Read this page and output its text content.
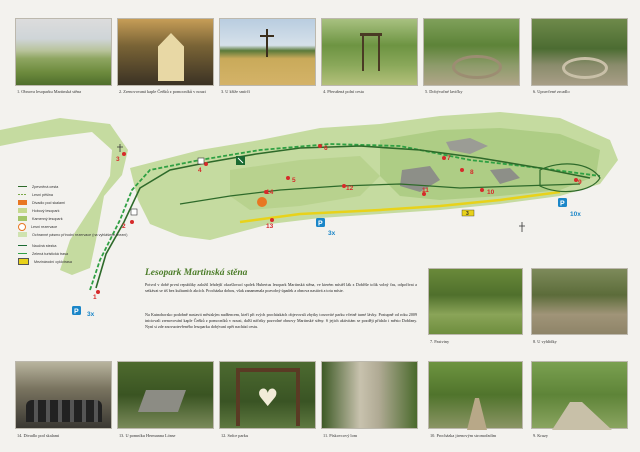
1. Obnova lesoparku Martinská stěna	2. Zrenovovaná kaple Čeňků z pomocníků v nouzi	3. U kříže smírčí	4. Přerušená polní cesta	5. Dobývačné lavičky	6. Upravčené zrcadlo
1
2
3
4
5
6
7
8
9
10
11
12
13
14
P 3x
P
3x
P
10x
3
Zpevněná cesta
Lesní pěšina
Divadlo pod skalami
Hobový lesopark
Kamenný lesopark
Lesní rezervace
Ochranné pásmo přírodní rezervace (na vyhlášené mezní)
Naučná stezka
Zelená turistická trasa
Mezinárodní cyklotrasa
Lesopark Martinská stěna
Potvrd v době první republiky založil lehdejší okrašlovací spolek Hubertus lesopark Martinská stěna, ve kterém místěl lák z Dobříše tolik volný čas, odpočívat a setkávat se tiš bez kulturních akcích. Procházka dobou, však zanamenala pozvolný úpadek a obnova nastává a totu míste.
Na Kutnohorsko podobně nastavit městským nadšencem, kteří při svých procházkách objevovali zbytky torzovité parku včetně turné lávky. Postupně od roku 2009 iniciovali zrenovování kaple Čeňků z pomocníků v nouzi, další náčrtky pozvolné obnovy Martinské stěny. S jejich aktivitám se později přidalo i město Dobřany. Nyní si zde znovuotevřeného lesoparku dobývaní opět nachází cestu.
7. Pastviny	8. U vyhlídky
14. Divadlo pod skalami	13. U pomníku Hermanna Lönse
♥
12. Srdce parku	11. Pískovcový lom	10. Procházka jirenovým stromořadím	9. Kruzy
